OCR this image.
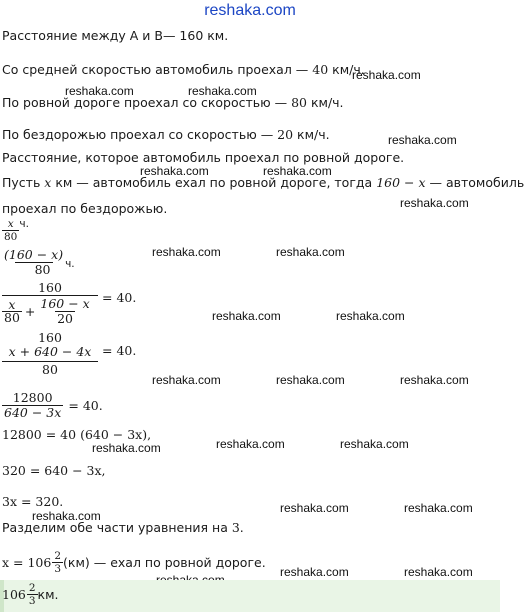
reshaka.com
Расстояние между A и B— 160 км.
Со средней скоростью автомобиль проехал — 40 км/ч.
reshaka.com
reshaka.com	reshaka.com
По ровной дороге проехал со скоростью — 80 км/ч.
По бездорожью проехал со скоростью — 20 км/ч.	reshaka.com
Расстояние, которое автомобиль проехал по ровной дороге.
reshaka.com	reshaka.com
Пусть x км — автомобиль ехал по ровной дороге, тогда 160 − x — автомобиль
reshaka.com
проехал по бездорожью.
$\frac{x}{80} ^{ч.}$
$\frac{(160 - x)}{80} ч$.
reshaka.com	reshaka.com
160
$\frac{x}{80} + \frac{160 - x}{20} = 40$.
reshaka.com	reshaka.com
160
x + 640 − 4x
80
= 40.
reshaka.com	reshaka.com	reshaka.com
$\frac{12800}{640 - 3x} = 40$.
12800 = 40 (640 − 3x),
reshaka.com	reshaka.com
reshaka.com
320 = 640 − 3x,
3x = 320.	reshaka.com	reshaka.com
reshaka.com
Разделим обе части уравнения на 3.
$x = 106 \frac{2}{3} (км)$ — ехал по ровной дороге.
reshaka.com	reshaka.com
$106 \frac{2}{3}$ км.
